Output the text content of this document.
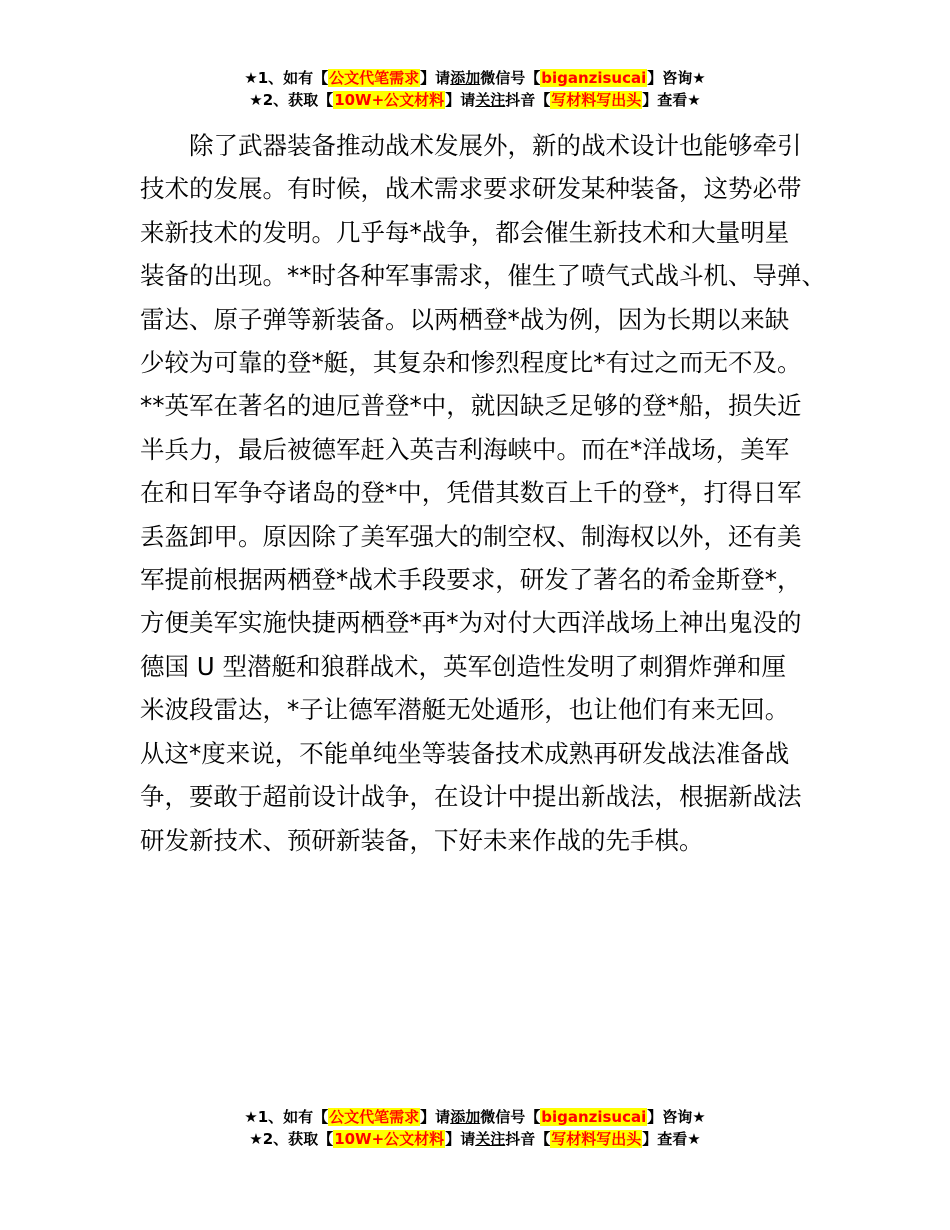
★1、如有【公文代笔需求】请添加微信号【biganzisucai】咨询★
★2、获取【10W+公文材料】请关注抖音【写材料写出头】查看★

除了武器装备推动战术发展外，新的战术设计也能够牵引
技术的发展。有时候，战术需求要求研发某种装备，这势必带
来新技术的发明。几乎每*战争，都会催生新技术和大量明星
装备的出现。**时各种军事需求，催生了喷气式战斗机、导弹、
雷达、原子弹等新装备。以两栖登*战为例，因为长期以来缺
少较为可靠的登*艇，其复杂和惨烈程度比*有过之而无不及。
**英军在著名的迪厄普登*中，就因缺乏足够的登*船，损失近
半兵力，最后被德军赶入英吉利海峡中。而在*洋战场，美军
在和日军争夺诸岛的登*中，凭借其数百上千的登*，打得日军
丢盔卸甲。原因除了美军强大的制空权、制海权以外，还有美
军提前根据两栖登*战术手段要求，研发了著名的希金斯登*，
方便美军实施快捷两栖登*再*为对付大西洋战场上神出鬼没的
德国 U 型潜艇和狼群战术，英军创造性发明了刺猬炸弹和厘
米波段雷达，*子让德军潜艇无处遁形，也让他们有来无回。
从这*度来说，不能单纯坐等装备技术成熟再研发战法准备战
争，要敢于超前设计战争，在设计中提出新战法，根据新战法
研发新技术、预研新装备，下好未来作战的先手棋。

★1、如有【公文代笔需求】请添加微信号【biganzisucai】咨询★
★2、获取【10W+公文材料】请关注抖音【写材料写出头】查看★
